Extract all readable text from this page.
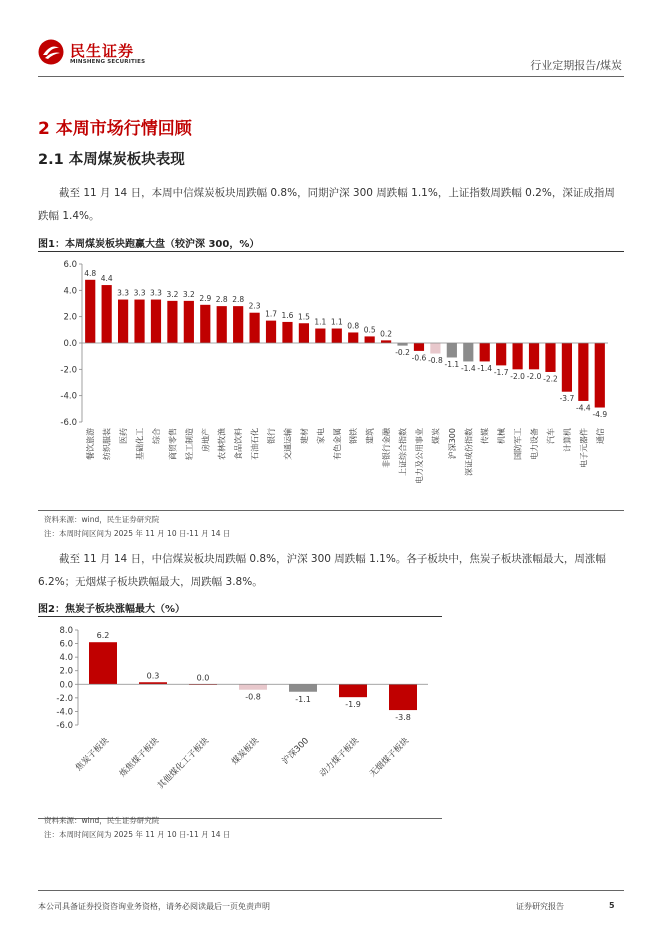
民生证券
MINSHENG SECURITIES	行业定期报告/煤炭
2 本周市场行情回顾
2.1 本周煤炭板块表现
截至 11 月 14 日，本周中信煤炭板块周跌幅 0.8%，同期沪深 300 周跌幅 1.1%，上证指数周跌幅 0.2%，深证成指周跌幅 1.4%。
图1：本周煤炭板块跑赢大盘（较沪深 300，%）
6.0
4.0
2.0
0.0
-2.0
-4.0
-6.0
4.8
4.4
3.3 3.3 3.3 3.2 3.2 2.9 2.8 2.8
2.3
1.7 1.6 1.5
1.1 1.1 0.8 0.5 0.2
-0.2
-0.6 -0.8 -1.1 -1.4 -1.4 -1.7 -2.0 -2.0 -2.2
-3.7
-4.4
-4.9
餐饮旅游 纺织服装 医药 基础化工 综合 商贸零售 轻工制造 房地产 农林牧渔 食品饮料 石油石化 银行 交通运输 建材 家电 有色金属 钢铁 建筑 非银行金融 上证综合指数 电力及公用事业 煤炭 沪深300 深证成份指数 传媒 机械 国防军工 电力设备 汽车 计算机 电子元器件 通信
资料来源：wind，民生证券研究院
注：本周时间区间为 2025 年 11 月 10 日-11 月 14 日
截至 11 月 14 日，中信煤炭板块周跌幅 0.8%，沪深 300 周跌幅 1.1%。各子板块中，焦炭子板块涨幅最大，周涨幅 6.2%；无烟煤子板块跌幅最大，周跌幅 3.8%。
图2：焦炭子板块涨幅最大（%）
8.0
6.0
4.0
2.0
0.0
-2.0
-4.0
-6.0
6.2
0.3	0.0
-0.8	-1.1
-1.9
-3.8
焦炭子板块 炼焦煤子板块
其他煤化工子板块 煤炭板块 沪深300 动力煤子板块 无烟煤子板块
资料来源：wind，民生证券研究院
注：本周时间区间为 2025 年 11 月 10 日-11 月 14 日
本公司具备证券投资咨询业务资格，请务必阅读最后一页免责声明	证券研究报告	5
